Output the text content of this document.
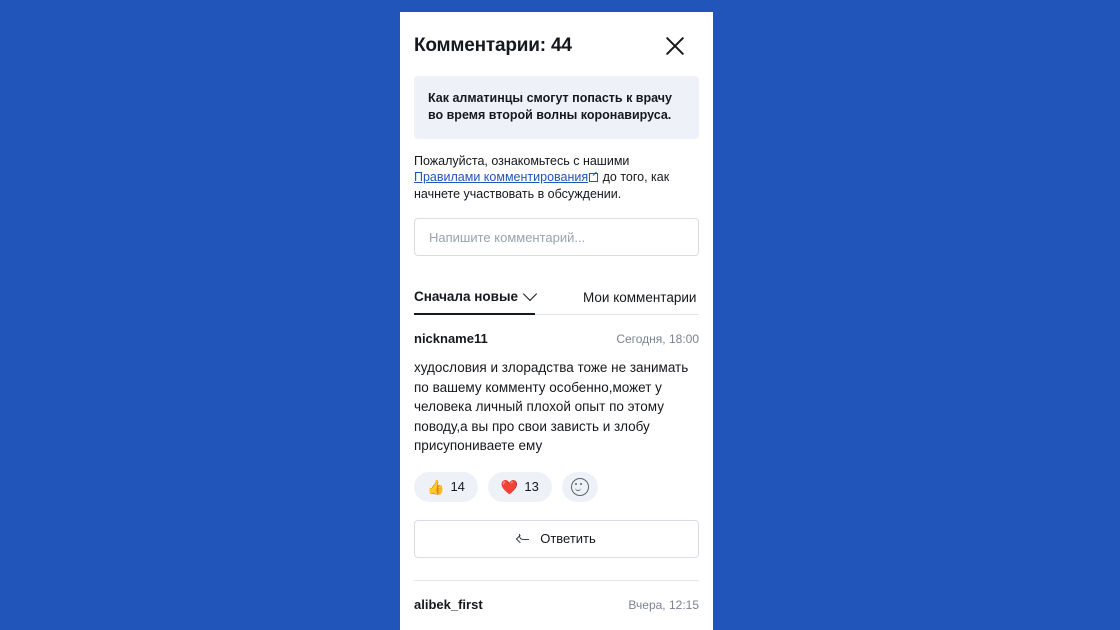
Комментарии: 44
Как алматинцы смогут попасть к врачу во время второй волны коронавируса.
Пожалуйста, ознакомьтесь с нашими Правилами комментирования до того, как начнете участвовать в обсуждении.
Напишите комментарий...
Сначала новые	Мои комментарии
nickname11	Сегодня, 18:00
худословия и злорадства тоже не занимать по вашему комменту особенно,может у человека личный плохой опыт по этому поводу,а вы про свои зависть и злобу присупониваете ему
👍 14	❤️ 13
Ответить
alibek_first	Вчера, 12:15
